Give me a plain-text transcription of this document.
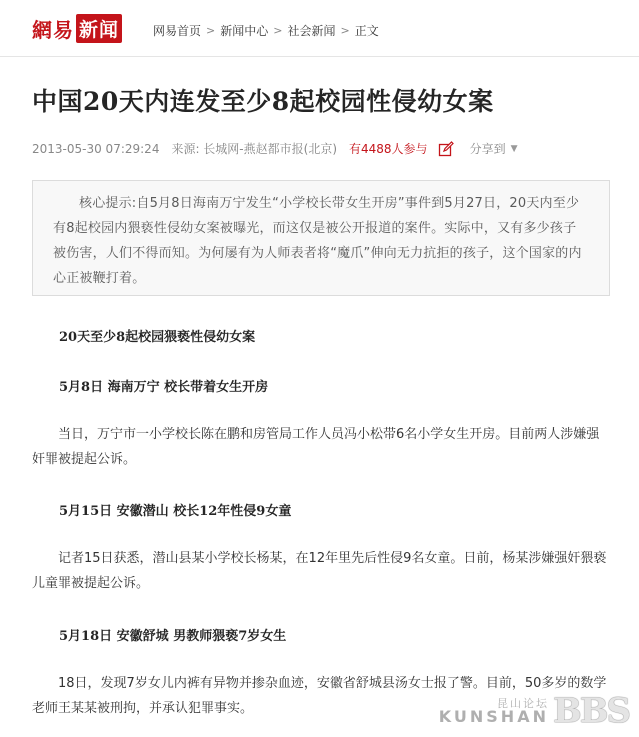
網易 新闻	网易首页 > 新闻中心 > 社会新闻 > 正文
中国20天内连发至少8起校园性侵幼女案
2013-05-30 07:29:24 来源: 长城网-燕赵都市报(北京) 有4488人参与	分享到 ▼
核心提示:自5月8日海南万宁发生“小学校长带女生开房”事件到5月27日，20天内至少有8起校园内猥亵性侵幼女案被曝光，而这仅是被公开报道的案件。实际中，又有多少孩子被伤害，人们不得而知。为何屡有为人师表者将“魔爪”伸向无力抗拒的孩子，这个国家的内心正被鞭打着。
20天至少8起校园猥亵性侵幼女案
5月8日 海南万宁 校长带着女生开房
当日，万宁市一小学校长陈在鹏和房管局工作人员冯小松带6名小学女生开房。目前两人涉嫌强奸罪被提起公诉。
5月15日 安徽潜山 校长12年性侵9女童
记者15日获悉，潜山县某小学校长杨某，在12年里先后性侵9名女童。日前，杨某涉嫌强奸猥亵儿童罪被提起公诉。
5月18日 安徽舒城 男教师猥亵7岁女生
18日，发现7岁女儿内裤有异物并掺杂血迹，安徽省舒城县汤女士报了警。目前，50多岁的数学老师王某某被刑拘，并承认犯罪事实。	昆山论坛
KUNSHAN BBS
